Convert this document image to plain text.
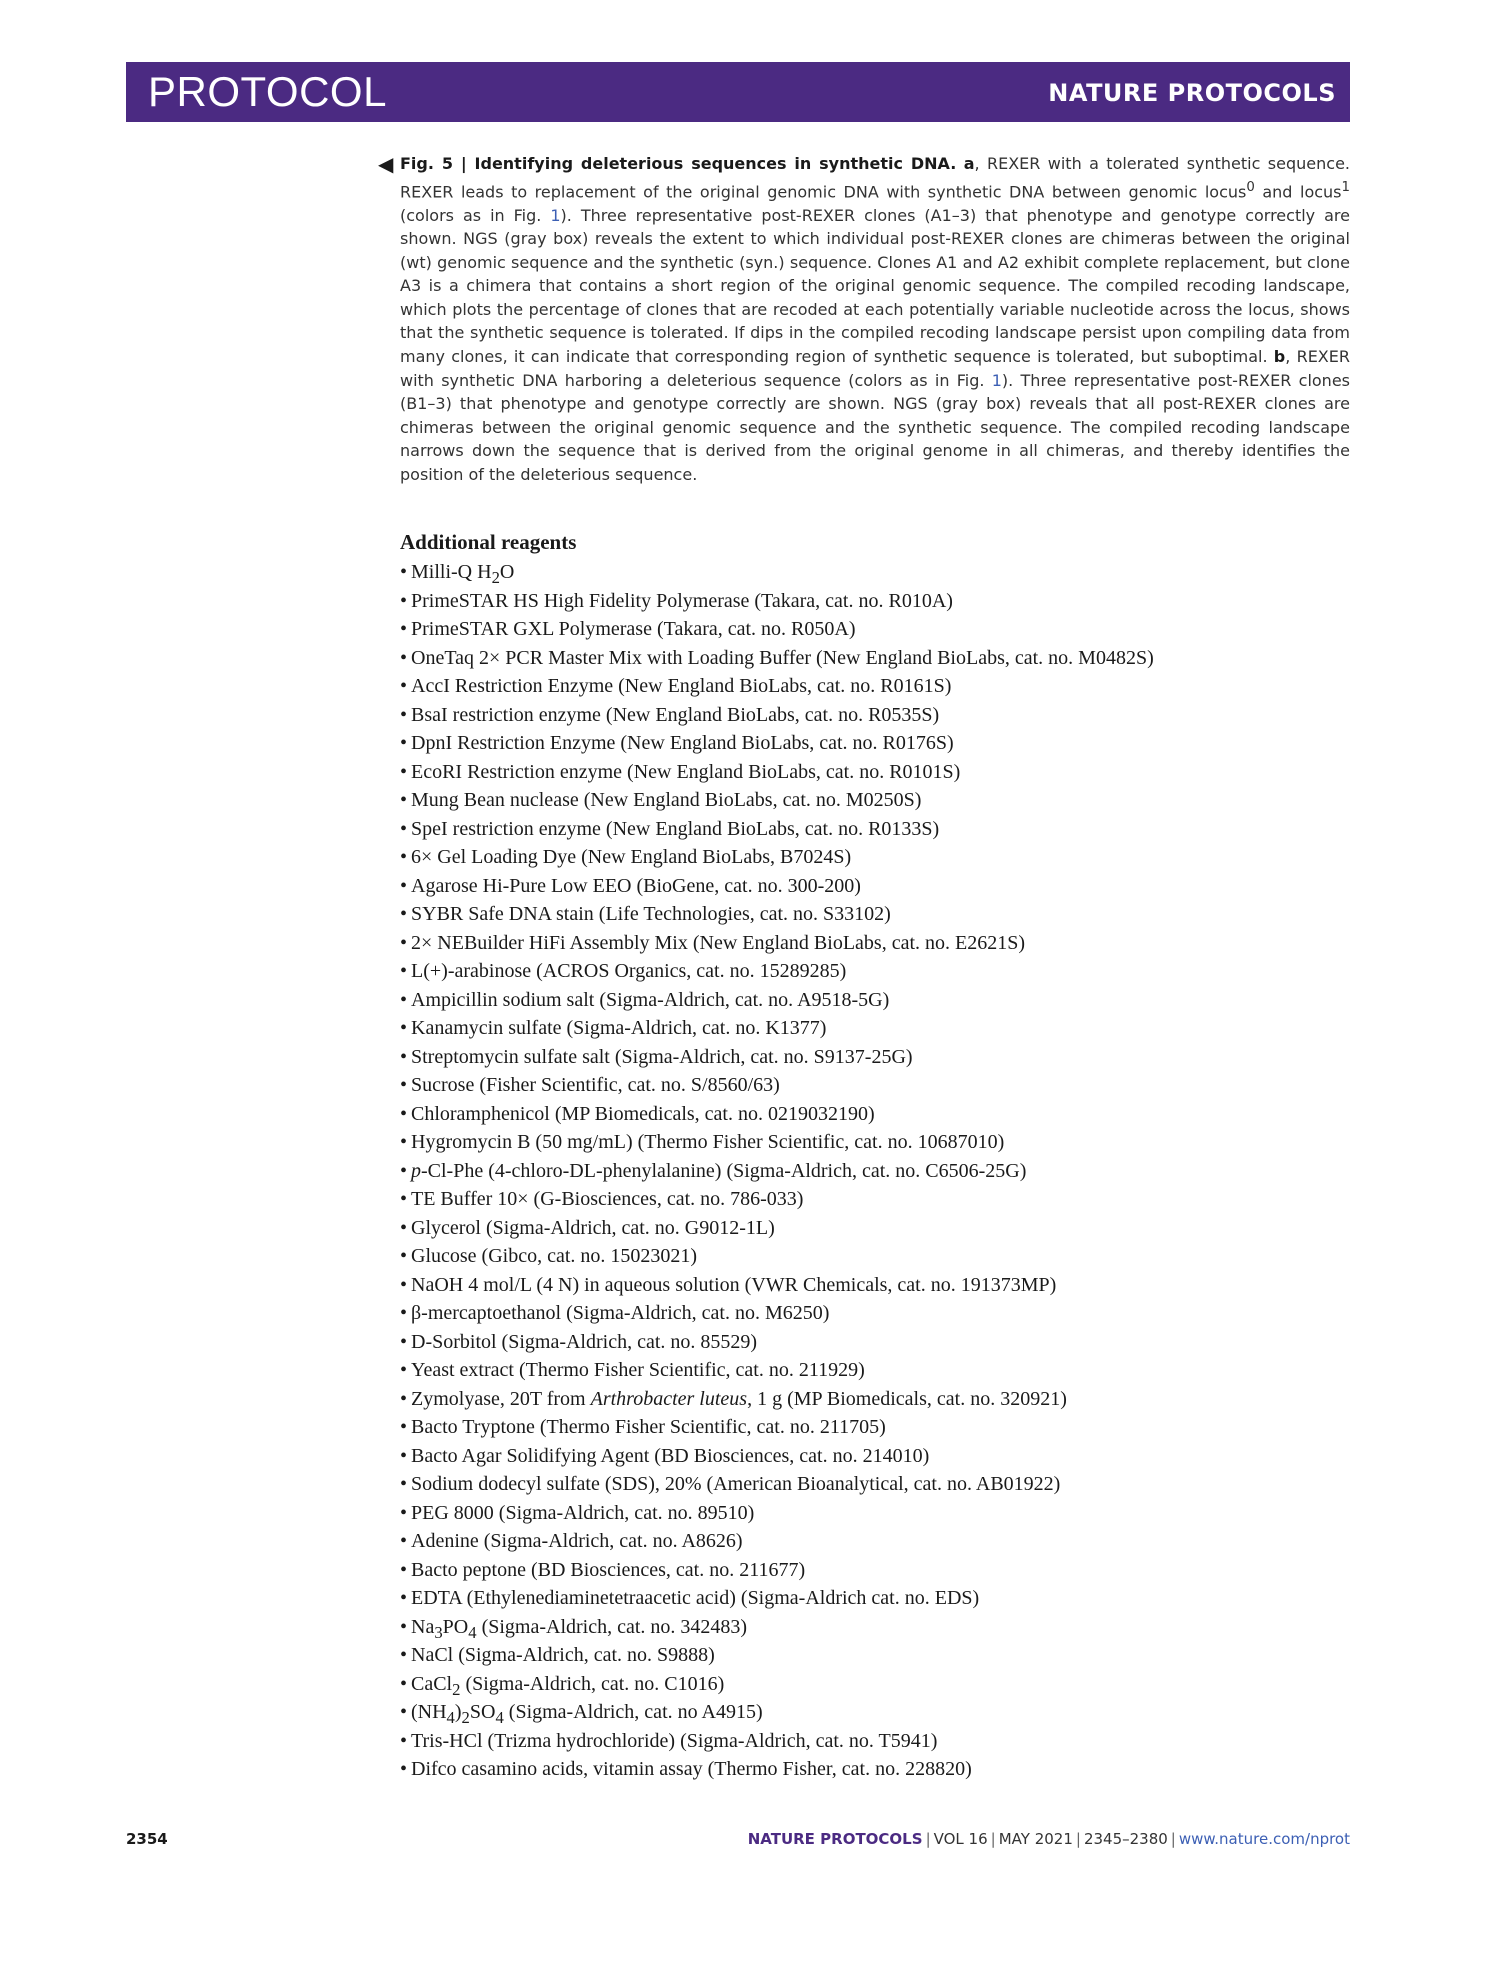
PROTOCOL	NATURE PROTOCOLS
◀ Fig. 5 | Identifying deleterious sequences in synthetic DNA. a, REXER with a tolerated synthetic sequence. REXER leads to replacement of the original genomic DNA with synthetic DNA between genomic locus$^0$ and locus$^1$ (colors as in Fig. 1). Three representative post-REXER clones (A1–3) that phenotype and genotype correctly are shown. NGS (gray box) reveals the extent to which individual post-REXER clones are chimeras between the original (wt) genomic sequence and the synthetic (syn.) sequence. Clones A1 and A2 exhibit complete replacement, but clone A3 is a chimera that contains a short region of the original genomic sequence. The compiled recoding landscape, which plots the percentage of clones that are recoded at each potentially variable nucleotide across the locus, shows that the synthetic sequence is tolerated. If dips in the compiled recoding landscape persist upon compiling data from many clones, it can indicate that corresponding region of synthetic sequence is tolerated, but suboptimal. b, REXER with synthetic DNA harboring a deleterious sequence (colors as in Fig. 1). Three representative post-REXER clones (B1–3) that phenotype and genotype correctly are shown. NGS (gray box) reveals that all post-REXER clones are chimeras between the original genomic sequence and the synthetic sequence. The compiled recoding landscape narrows down the sequence that is derived from the original genome in all chimeras, and thereby identifies the position of the deleterious sequence.
Additional reagents
• Milli-Q $H_2O$
• PrimeSTAR HS High Fidelity Polymerase (Takara, cat. no. R010A)
• PrimeSTAR GXL Polymerase (Takara, cat. no. R050A)
• OneTaq 2× PCR Master Mix with Loading Buffer (New England BioLabs, cat. no. M0482S)
• AccI Restriction Enzyme (New England BioLabs, cat. no. R0161S)
• BsaI restriction enzyme (New England BioLabs, cat. no. R0535S)
• DpnI Restriction Enzyme (New England BioLabs, cat. no. R0176S)
• EcoRI Restriction enzyme (New England BioLabs, cat. no. R0101S)
• Mung Bean nuclease (New England BioLabs, cat. no. M0250S)
• SpeI restriction enzyme (New England BioLabs, cat. no. R0133S)
• 6× Gel Loading Dye (New England BioLabs, B7024S)
• Agarose Hi-Pure Low EEO (BioGene, cat. no. 300-200)
• SYBR Safe DNA stain (Life Technologies, cat. no. S33102)
• 2× NEBuilder HiFi Assembly Mix (New England BioLabs, cat. no. E2621S)
• L(+)-arabinose (ACROS Organics, cat. no. 15289285)
• Ampicillin sodium salt (Sigma-Aldrich, cat. no. A9518-5G)
• Kanamycin sulfate (Sigma-Aldrich, cat. no. K1377)
• Streptomycin sulfate salt (Sigma-Aldrich, cat. no. S9137-25G)
• Sucrose (Fisher Scientific, cat. no. S/8560/63)
• Chloramphenicol (MP Biomedicals, cat. no. 0219032190)
• Hygromycin B (50 mg/mL) (Thermo Fisher Scientific, cat. no. 10687010)
• p-Cl-Phe (4-chloro-DL-phenylalanine) (Sigma-Aldrich, cat. no. C6506-25G)
• TE Buffer 10× (G-Biosciences, cat. no. 786-033)
• Glycerol (Sigma-Aldrich, cat. no. G9012-1L)
• Glucose (Gibco, cat. no. 15023021)
• NaOH 4 mol/L (4 N) in aqueous solution (VWR Chemicals, cat. no. 191373MP)
• β-mercaptoethanol (Sigma-Aldrich, cat. no. M6250)
• D-Sorbitol (Sigma-Aldrich, cat. no. 85529)
• Yeast extract (Thermo Fisher Scientific, cat. no. 211929)
• Zymolyase, 20T from Arthrobacter luteus, 1 g (MP Biomedicals, cat. no. 320921)
• Bacto Tryptone (Thermo Fisher Scientific, cat. no. 211705)
• Bacto Agar Solidifying Agent (BD Biosciences, cat. no. 214010)
• Sodium dodecyl sulfate (SDS), 20% (American Bioanalytical, cat. no. AB01922)
• PEG 8000 (Sigma-Aldrich, cat. no. 89510)
• Adenine (Sigma-Aldrich, cat. no. A8626)
• Bacto peptone (BD Biosciences, cat. no. 211677)
• EDTA (Ethylenediaminetetraacetic acid) (Sigma-Aldrich cat. no. EDS)
• $Na_3PO_4$ (Sigma-Aldrich, cat. no. 342483)
• NaCl (Sigma-Aldrich, cat. no. S9888)
• CaCl$_2$ (Sigma-Aldrich, cat. no. C1016)
• $(NH_4)_2SO_4$ (Sigma-Aldrich, cat. no A4915)
• Tris-HCl (Trizma hydrochloride) (Sigma-Aldrich, cat. no. T5941)
• Difco casamino acids, vitamin assay (Thermo Fisher, cat. no. 228820)
2354	NATURE PROTOCOLS | VOL 16 | MAY 2021 | 2345–2380 | www.nature.com/nprot
